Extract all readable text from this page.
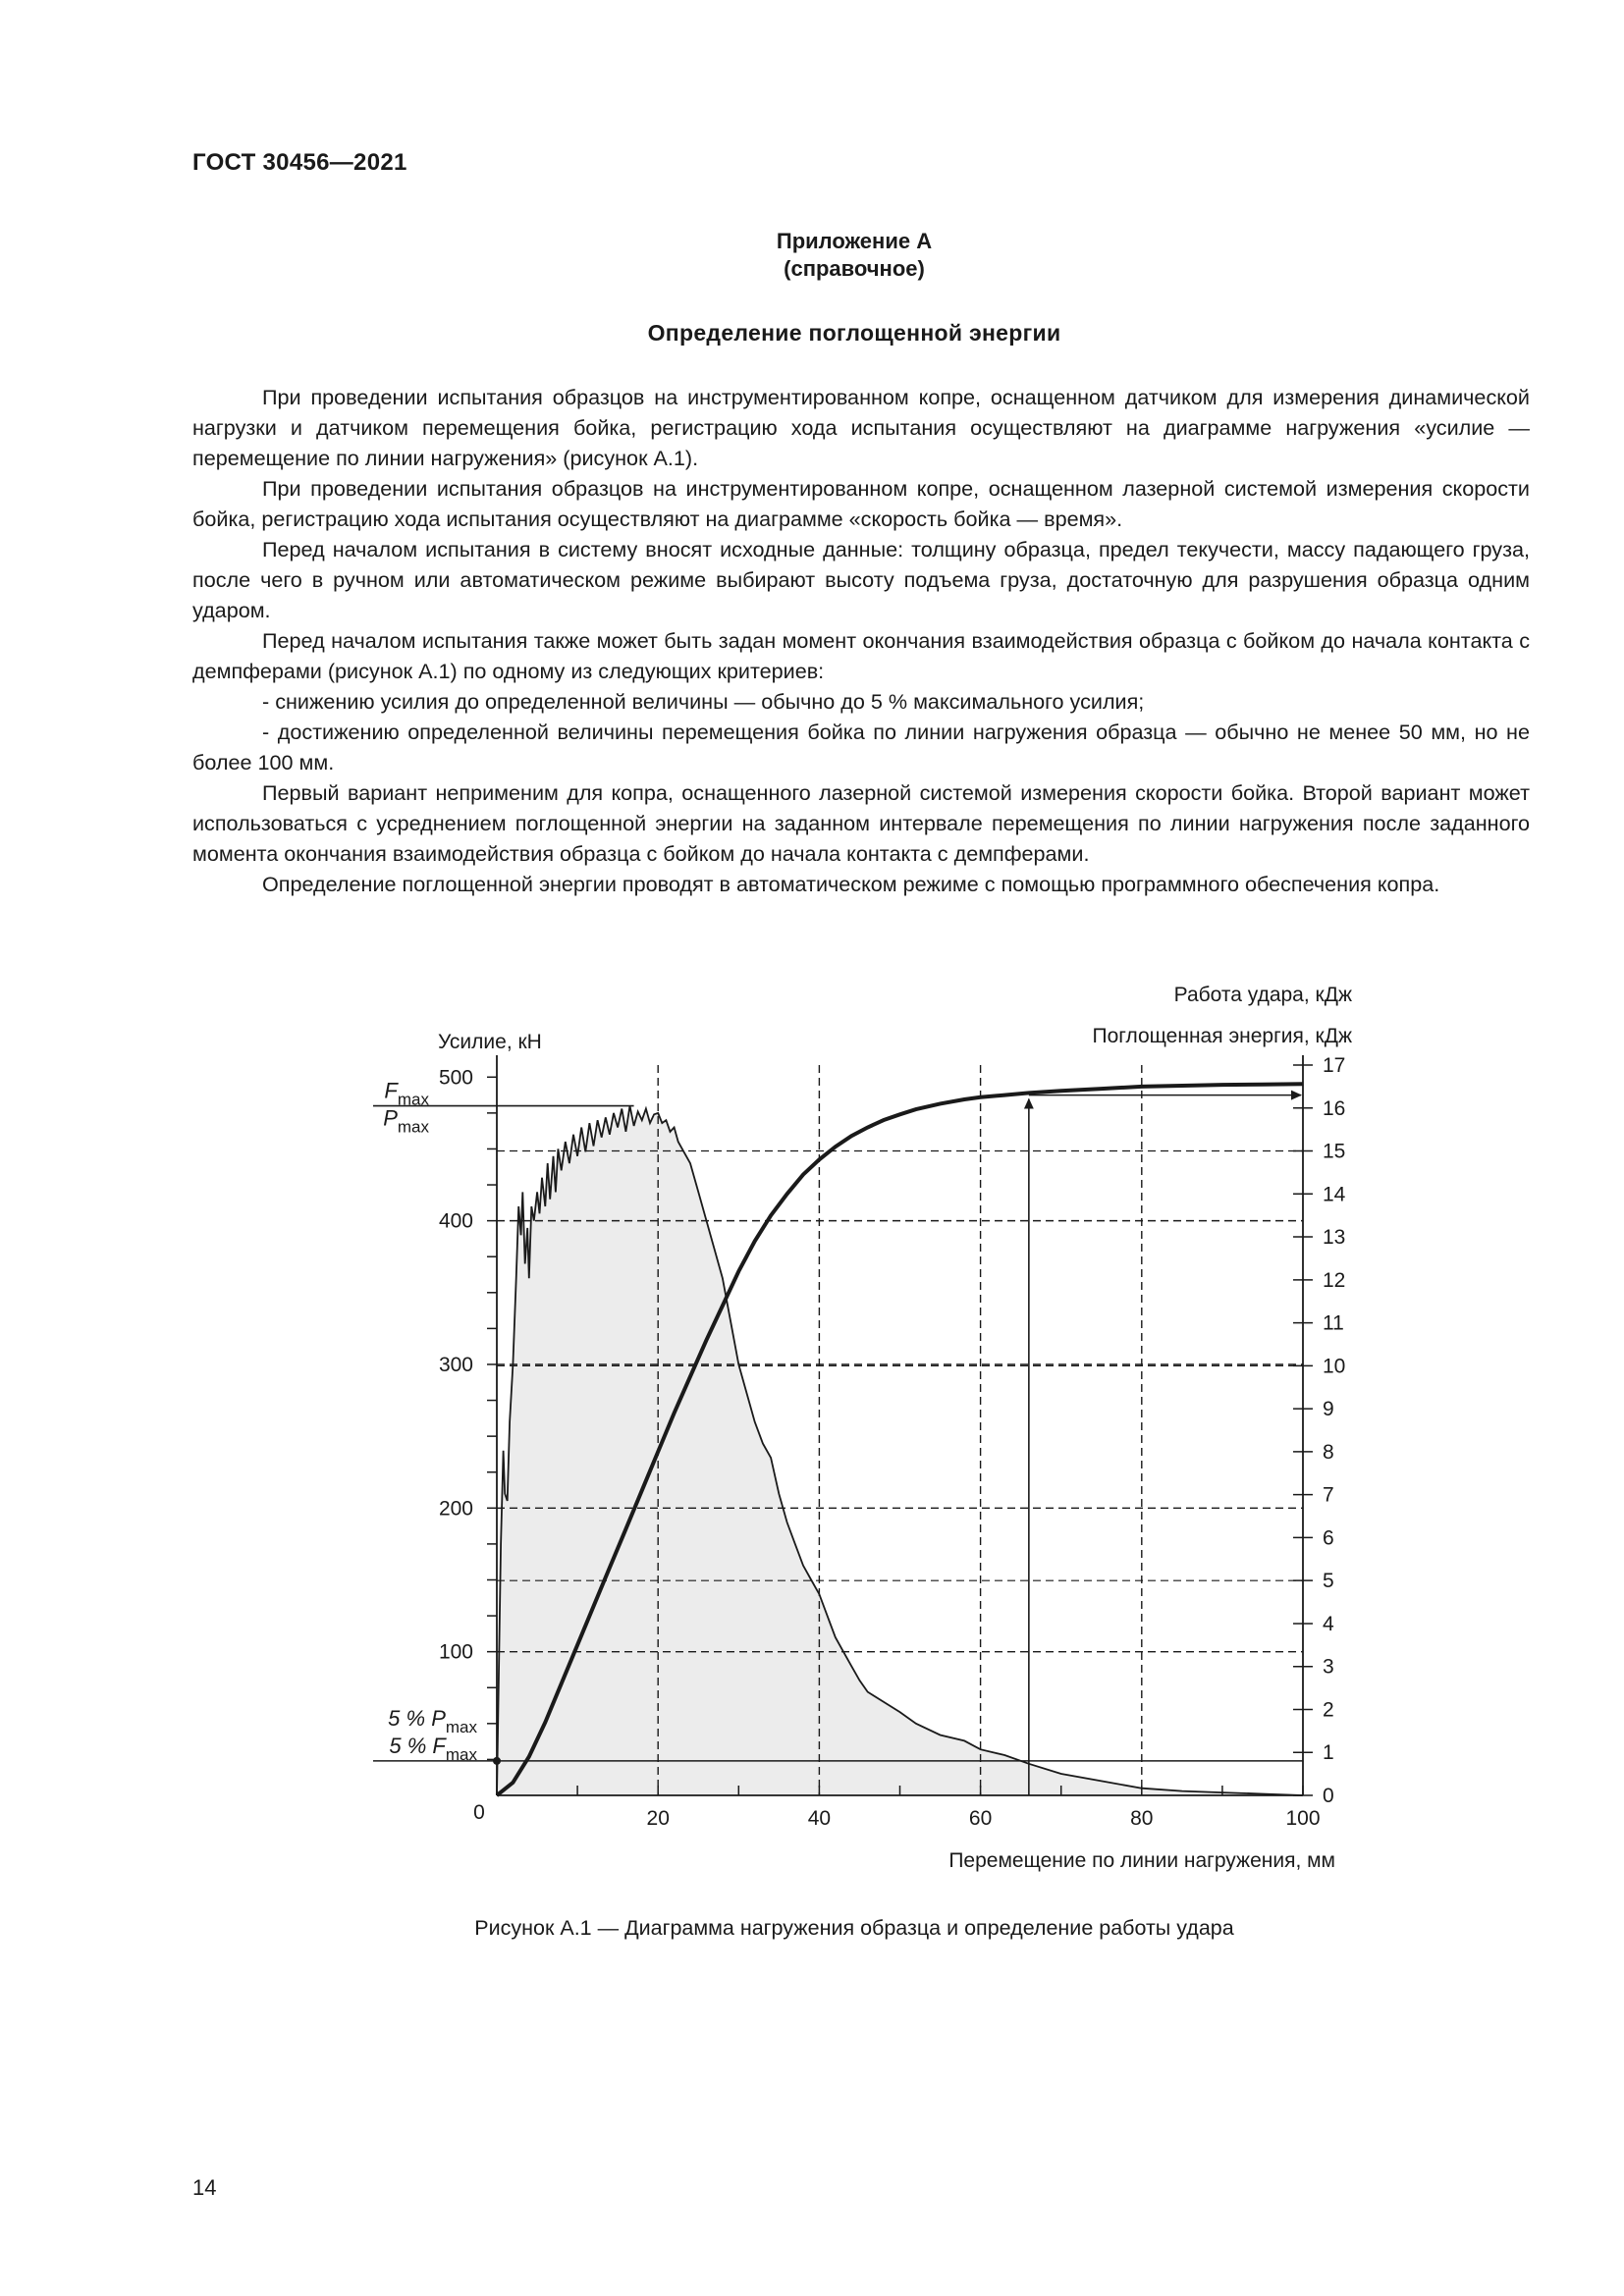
ГОСТ 30456—2021
Приложение А
(справочное)
Определение поглощенной энергии

При проведении испытания образцов на инструментированном копре, оснащенном датчиком для измерения динамической нагрузки и датчиком перемещения бойка, регистрацию хода испытания осуществляют на диаграмме нагружения «усилие — перемещение по линии нагружения» (рисунок А.1).

При проведении испытания образцов на инструментированном копре, оснащенном лазерной системой измерения скорости бойка, регистрацию хода испытания осуществляют на диаграмме «скорость бойка — время».

Перед началом испытания в систему вносят исходные данные: толщину образца, предел текучести, массу падающего груза, после чего в ручном или автоматическом режиме выбирают высоту подъема груза, достаточную для разрушения образца одним ударом.

Перед началом испытания также может быть задан момент окончания взаимодействия образца с бойком до начала контакта с демпферами (рисунок А.1) по одному из следующих критериев:

- снижению усилия до определенной величины — обычно до 5 % максимального усилия;

- достижению определенной величины перемещения бойка по линии нагружения образца — обычно не менее 50 мм, но не более 100 мм.

Первый вариант неприменим для копра, оснащенного лазерной системой измерения скорости бойка. Второй вариант может использоваться с усреднением поглощенной энергии на заданном интервале перемещения по линии нагружения после заданного момента окончания взаимодействия образца с бойком до начала контакта с демпферами.

Определение поглощенной энергии проводят в автоматическом режиме с помощью программного обеспечения копра.

Работа удара, кДж
Поглощенная энергия, кДж
Усилие, кН
Перемещение по линии нагружения, мм
0	20	40	60	80	100
100
200
300
400
500
0
1
2
3
4
5
6
7
8
9
10
11
12
13
14
15
16
17
$F_{max}$
$P_{max}$
5 % $P_{max}$
5 % $F_{max}$
Рисунок А.1 — Диаграмма нагружения образца и определение работы удара
14
